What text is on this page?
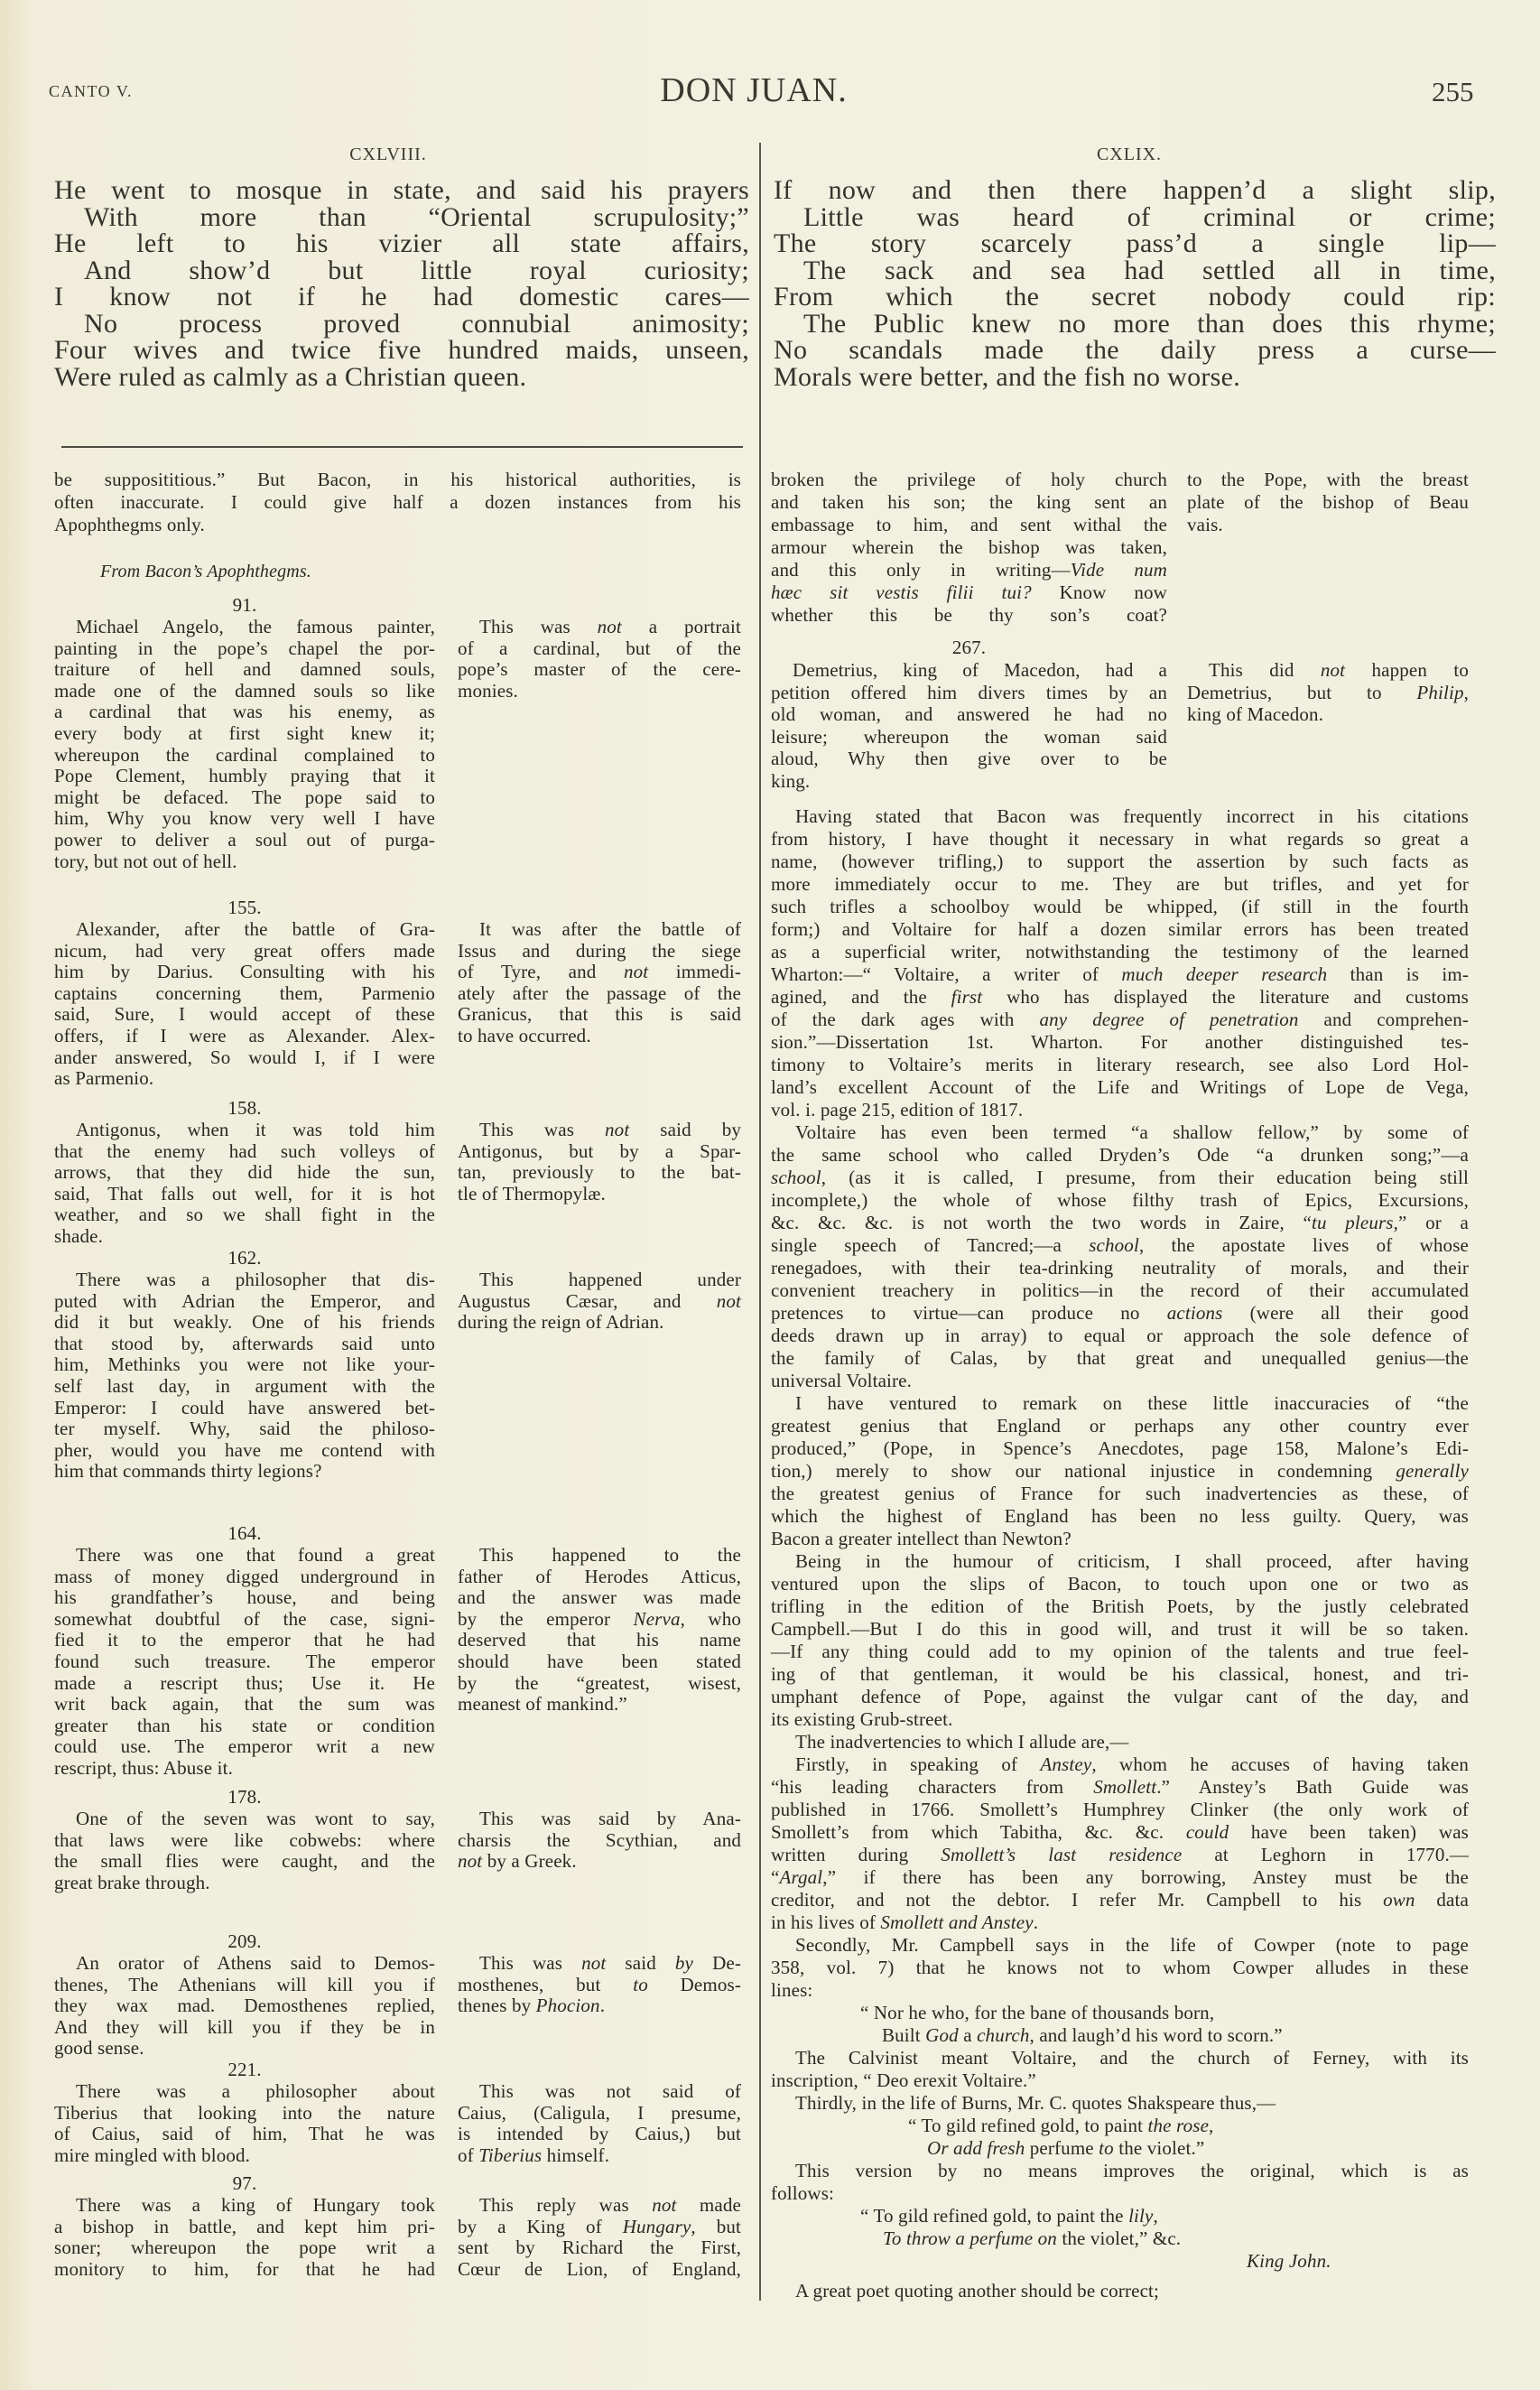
CANTO V.	DON JUAN.	255
CXLVIII.
He went to mosque in state, and said his prayers
With more than “Oriental scrupulosity;”
He left to his vizier all state affairs,
And show’d but little royal curiosity;
I know not if he had domestic cares—
No process proved connubial animosity;
Four wives and twice five hundred maids, unseen,
Were ruled as calmly as a Christian queen.
CXLIX.
If now and then there happen’d a slight slip,
Little was heard of criminal or crime;
The story scarcely pass’d a single lip—
The sack and sea had settled all in time,
From which the secret nobody could rip:
The Public knew no more than does this rhyme;
No scandals made the daily press a curse—
Morals were better, and the fish no worse.
be supposititious.” But Bacon, in his historical authorities, is
often inaccurate. I could give half a dozen instances from his
Apophthegms only.
From Bacon’s Apophthegms.
91.
Michael Angelo, the famous painter,
painting in the pope’s chapel the por-
traiture of hell and damned souls,
made one of the damned souls so like
a cardinal that was his enemy, as
every body at first sight knew it;
whereupon the cardinal complained to
Pope Clement, humbly praying that it
might be defaced. The pope said to
him, Why you know very well I have
power to deliver a soul out of purga-
tory, but not out of hell.
This was not a portrait
of a cardinal, but of the
pope’s master of the cere-
monies.
155.
Alexander, after the battle of Gra-
nicum, had very great offers made
him by Darius. Consulting with his
captains concerning them, Parmenio
said, Sure, I would accept of these
offers, if I were as Alexander. Alex-
ander answered, So would I, if I were
as Parmenio.
It was after the battle of
Issus and during the siege
of Tyre, and not immedi-
ately after the passage of the
Granicus, that this is said
to have occurred.
158.
Antigonus, when it was told him
that the enemy had such volleys of
arrows, that they did hide the sun,
said, That falls out well, for it is hot
weather, and so we shall fight in the
shade.
This was not said by
Antigonus, but by a Spar-
tan, previously to the bat-
tle of Thermopylæ.
162.
There was a philosopher that dis-
puted with Adrian the Emperor, and
did it but weakly. One of his friends
that stood by, afterwards said unto
him, Methinks you were not like your-
self last day, in argument with the
Emperor: I could have answered bet-
ter myself. Why, said the philoso-
pher, would you have me contend with
him that commands thirty legions?
This happened under
Augustus Cæsar, and not
during the reign of Adrian.
164.
There was one that found a great
mass of money digged underground in
his grandfather’s house, and being
somewhat doubtful of the case, signi-
fied it to the emperor that he had
found such treasure. The emperor
made a rescript thus; Use it. He
writ back again, that the sum was
greater than his state or condition
could use. The emperor writ a new
rescript, thus: Abuse it.
This happened to the
father of Herodes Atticus,
and the answer was made
by the emperor Nerva, who
deserved that his name
should have been stated
by the “greatest, wisest,
meanest of mankind.”
178.
One of the seven was wont to say,
that laws were like cobwebs: where
the small flies were caught, and the
great brake through.
This was said by Ana-
charsis the Scythian, and
not by a Greek.
209.
An orator of Athens said to Demos-
thenes, The Athenians will kill you if
they wax mad. Demosthenes replied,
And they will kill you if they be in
good sense.
This was not said by De-
mosthenes, but to Demos-
thenes by Phocion.
221.
There was a philosopher about
Tiberius that looking into the nature
of Caius, said of him, That he was
mire mingled with blood.
This was not said of
Caius, (Caligula, I presume,
is intended by Caius,) but
of Tiberius himself.
97.
There was a king of Hungary took
a bishop in battle, and kept him pri-
soner; whereupon the pope writ a
monitory to him, for that he had
This reply was not made
by a King of Hungary, but
sent by Richard the First,
Cœur de Lion, of England,
broken the privilege of holy church
and taken his son; the king sent an
embassage to him, and sent withal the
armour wherein the bishop was taken,
and this only in writing—Vide num
hæc sit vestis filii tui? Know now
whether this be thy son’s coat?
to the Pope, with the breast
plate of the bishop of Beau
vais.
267.
Demetrius, king of Macedon, had a
petition offered him divers times by an
old woman, and answered he had no
leisure; whereupon the woman said
aloud, Why then give over to be
king.
This did not happen to
Demetrius, but to Philip,
king of Macedon.
Having stated that Bacon was frequently incorrect in his citations
from history, I have thought it necessary in what regards so great a
name, (however trifling,) to support the assertion by such facts as
more immediately occur to me. They are but trifles, and yet for
such trifles a schoolboy would be whipped, (if still in the fourth
form;) and Voltaire for half a dozen similar errors has been treated
as a superficial writer, notwithstanding the testimony of the learned
Wharton:—“ Voltaire, a writer of much deeper research than is im-
agined, and the first who has displayed the literature and customs
of the dark ages with any degree of penetration and comprehen-
sion.”—Dissertation 1st. Wharton. For another distinguished tes-
timony to Voltaire’s merits in literary research, see also Lord Hol-
land’s excellent Account of the Life and Writings of Lope de Vega,
vol. i. page 215, edition of 1817.
Voltaire has even been termed “a shallow fellow,” by some of
the same school who called Dryden’s Ode “a drunken song;”—a
school, (as it is called, I presume, from their education being still
incomplete,) the whole of whose filthy trash of Epics, Excursions,
&c. &c. &c. is not worth the two words in Zaire, “tu pleurs,” or a
single speech of Tancred;—a school, the apostate lives of whose
renegadoes, with their tea-drinking neutrality of morals, and their
convenient treachery in politics—in the record of their accumulated
pretences to virtue—can produce no actions (were all their good
deeds drawn up in array) to equal or approach the sole defence of
the family of Calas, by that great and unequalled genius—the
universal Voltaire.
I have ventured to remark on these little inaccuracies of “the
greatest genius that England or perhaps any other country ever
produced,” (Pope, in Spence’s Anecdotes, page 158, Malone’s Edi-
tion,) merely to show our national injustice in condemning generally
the greatest genius of France for such inadvertencies as these, of
which the highest of England has been no less guilty. Query, was
Bacon a greater intellect than Newton?
Being in the humour of criticism, I shall proceed, after having
ventured upon the slips of Bacon, to touch upon one or two as
trifling in the edition of the British Poets, by the justly celebrated
Campbell.—But I do this in good will, and trust it will be so taken.
—If any thing could add to my opinion of the talents and true feel-
ing of that gentleman, it would be his classical, honest, and tri-
umphant defence of Pope, against the vulgar cant of the day, and
its existing Grub-street.
The inadvertencies to which I allude are,—
Firstly, in speaking of Anstey, whom he accuses of having taken
“his leading characters from Smollett.” Anstey’s Bath Guide was
published in 1766. Smollett’s Humphrey Clinker (the only work of
Smollett’s from which Tabitha, &c. &c. could have been taken) was
written during Smollett’s last residence at Leghorn in 1770.—
“Argal,” if there has been any borrowing, Anstey must be the
creditor, and not the debtor. I refer Mr. Campbell to his own data
in his lives of Smollett and Anstey.
Secondly, Mr. Campbell says in the life of Cowper (note to page
358, vol. 7) that he knows not to whom Cowper alludes in these
lines:
“ Nor he who, for the bane of thousands born,
Built God a church, and laugh’d his word to scorn.”
The Calvinist meant Voltaire, and the church of Ferney, with its
inscription, “ Deo erexit Voltaire.”
Thirdly, in the life of Burns, Mr. C. quotes Shakspeare thus,—
“ To gild refined gold, to paint the rose,
Or add fresh perfume to the violet.”
This version by no means improves the original, which is as
follows:
“ To gild refined gold, to paint the lily,
To throw a perfume on the violet,” &c.
King John.
A great poet quoting another should be correct;
